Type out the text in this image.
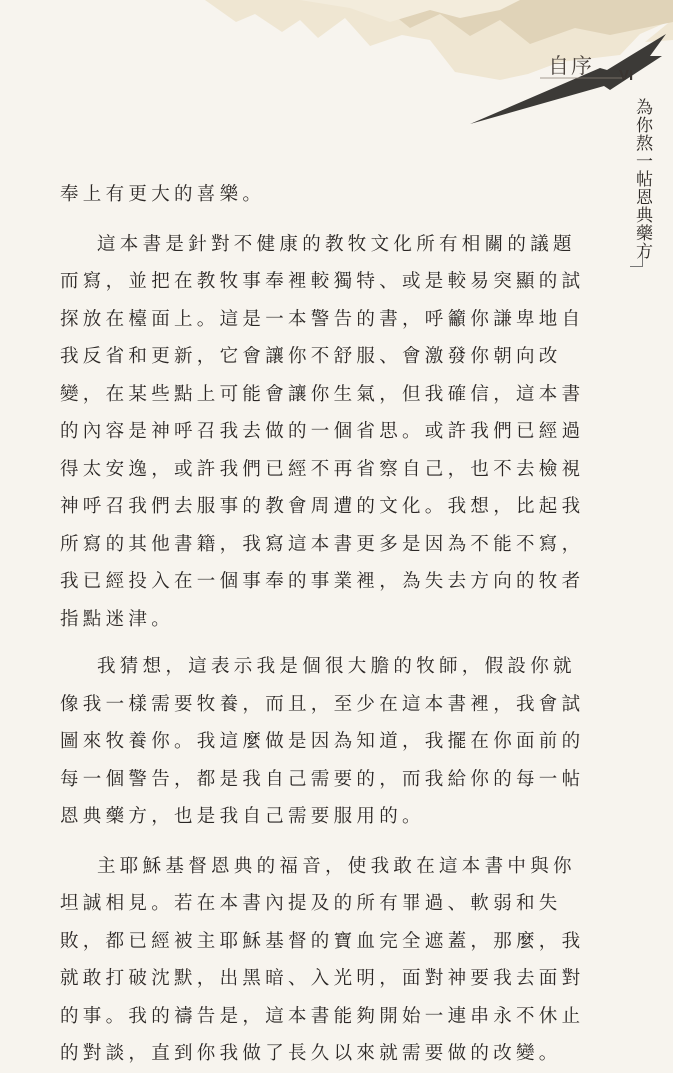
自序 VI
為你熬一帖恩典藥方

奉上有更大的喜樂。

這本書是針對不健康的教牧文化所有相關的議題而寫，並把在教牧事奉裡較獨特、或是較易突顯的試探放在檯面上。這是一本警告的書，呼籲你謙卑地自我反省和更新，它會讓你不舒服、會激發你朝向改變，在某些點上可能會讓你生氣，但我確信，這本書的內容是神呼召我去做的一個省思。或許我們已經過得太安逸，或許我們已經不再省察自己，也不去檢視神呼召我們去服事的教會周遭的文化。我想，比起我所寫的其他書籍，我寫這本書更多是因為不能不寫，我已經投入在一個事奉的事業裡，為失去方向的牧者指點迷津。

我猜想，這表示我是個很大膽的牧師，假設你就像我一樣需要牧養，而且，至少在這本書裡，我會試圖來牧養你。我這麼做是因為知道，我擺在你面前的每一個警告，都是我自己需要的，而我給你的每一帖恩典藥方，也是我自己需要服用的。

主耶穌基督恩典的福音，使我敢在這本書中與你坦誠相見。若在本書內提及的所有罪過、軟弱和失敗，都已經被主耶穌基督的寶血完全遮蓋，那麼，我就敢打破沈默，出黑暗、入光明，面對神要我去面對的事。我的禱告是，這本書能夠開始一連串永不休止的對談，直到你我做了長久以來就需要做的改變。
